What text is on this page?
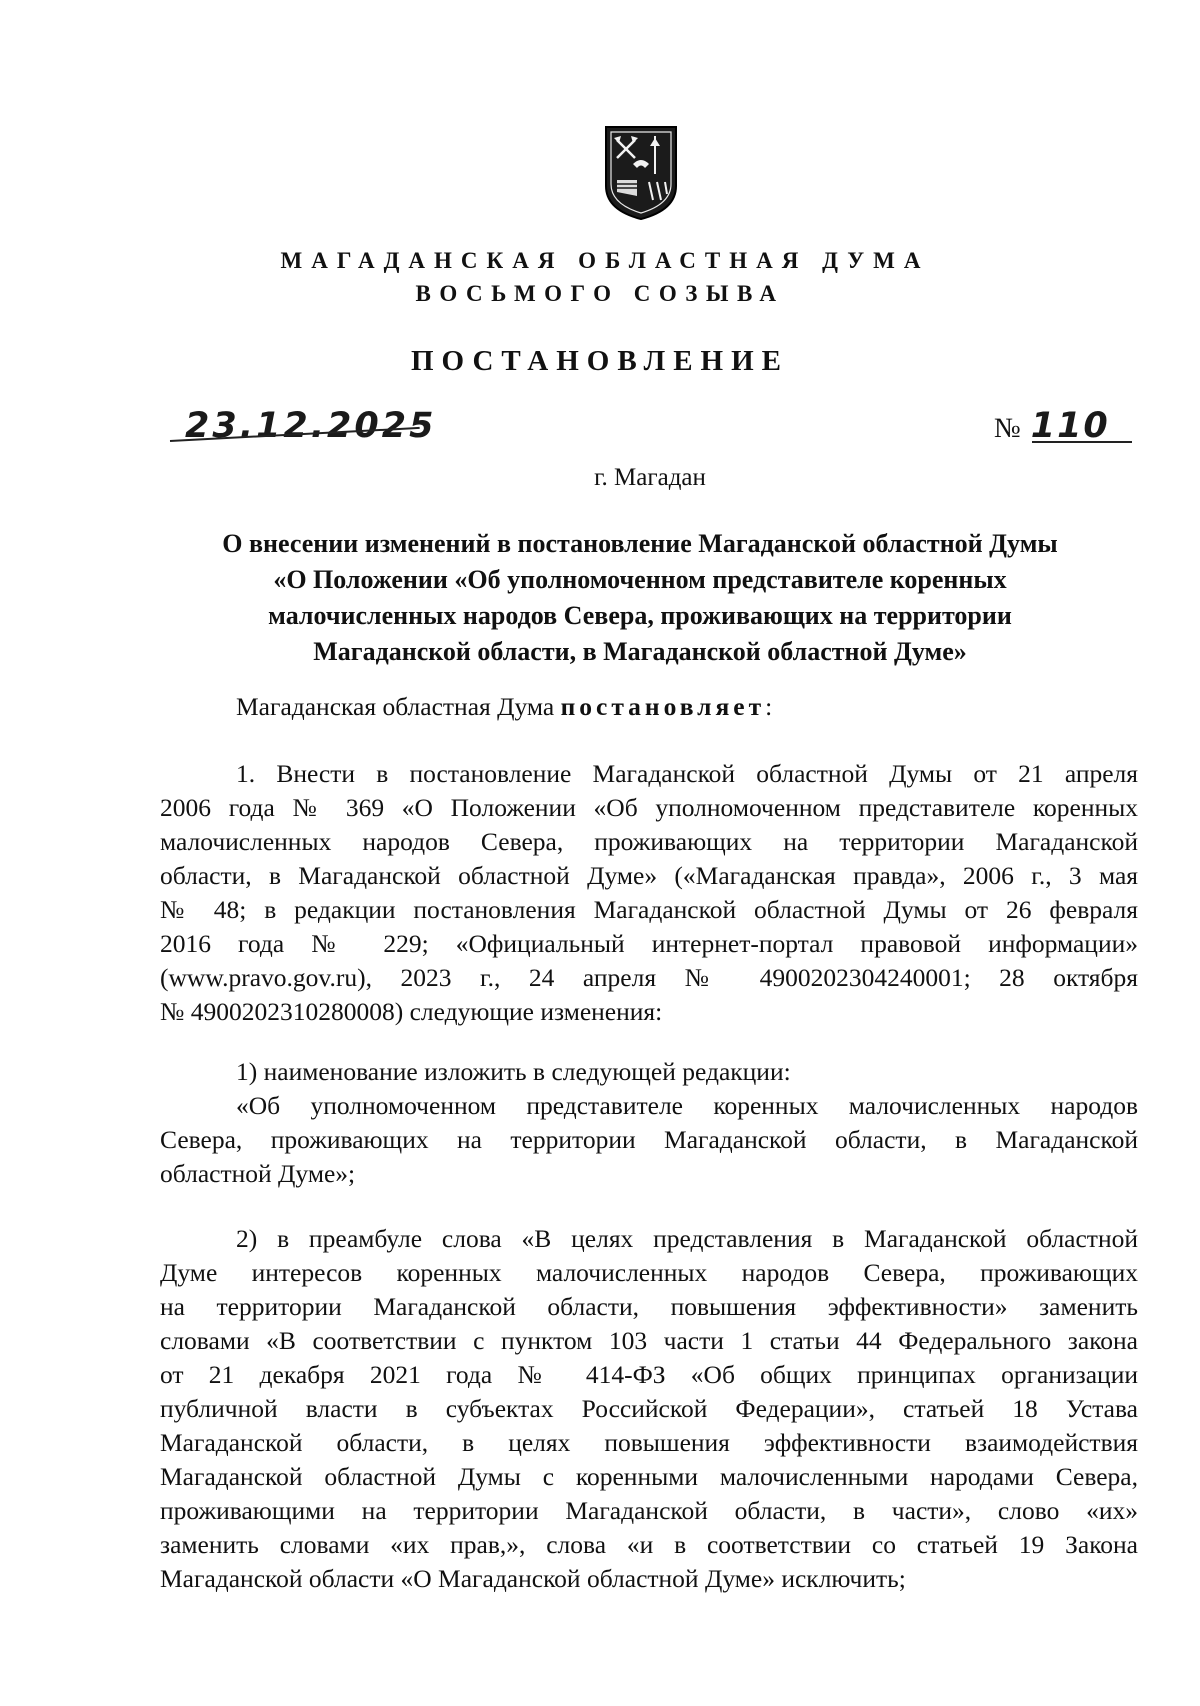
МАГАДАНСКАЯ ОБЛАСТНАЯ ДУМА

ВОСЬМОГО СОЗЫВА

ПОСТАНОВЛЕНИЕ

23.12.2025	№ 110

г. Магадан

О внесении изменений в постановление Магаданской областной Думы
«О Положении «Об уполномоченном представителе коренных
малочисленных народов Севера, проживающих на территории
Магаданской области, в Магаданской областной Думе»

Магаданская областная Дума постановляет:

1. Внести в постановление Магаданской областной Думы от 21 апреля
2006 года № 369 «О Положении «Об уполномоченном представителе коренных
малочисленных народов Севера, проживающих на территории Магаданской
области, в Магаданской областной Думе» («Магаданская правда», 2006 г., 3 мая
№ 48; в редакции постановления Магаданской областной Думы от 26 февраля
2016 года № 229; «Официальный интернет-портал правовой информации»
(www.pravo.gov.ru), 2023 г., 24 апреля № 4900202304240001; 28 октября
№ 4900202310280008) следующие изменения:
1) наименование изложить в следующей редакции:
«Об уполномоченном представителе коренных малочисленных народов
Севера, проживающих на территории Магаданской области, в Магаданской
областной Думе»;
2) в преамбуле слова «В целях представления в Магаданской областной
Думе интересов коренных малочисленных народов Севера, проживающих
на территории Магаданской области, повышения эффективности» заменить
словами «В соответствии с пунктом 103 части 1 статьи 44 Федерального закона
от 21 декабря 2021 года № 414-ФЗ «Об общих принципах организации
публичной власти в субъектах Российской Федерации», статьей 18 Устава
Магаданской области, в целях повышения эффективности взаимодействия
Магаданской областной Думы с коренными малочисленными народами Севера,
проживающими на территории Магаданской области, в части», слово «их»
заменить словами «их прав,», слова «и в соответствии со статьей 19 Закона
Магаданской области «О Магаданской областной Думе» исключить;
